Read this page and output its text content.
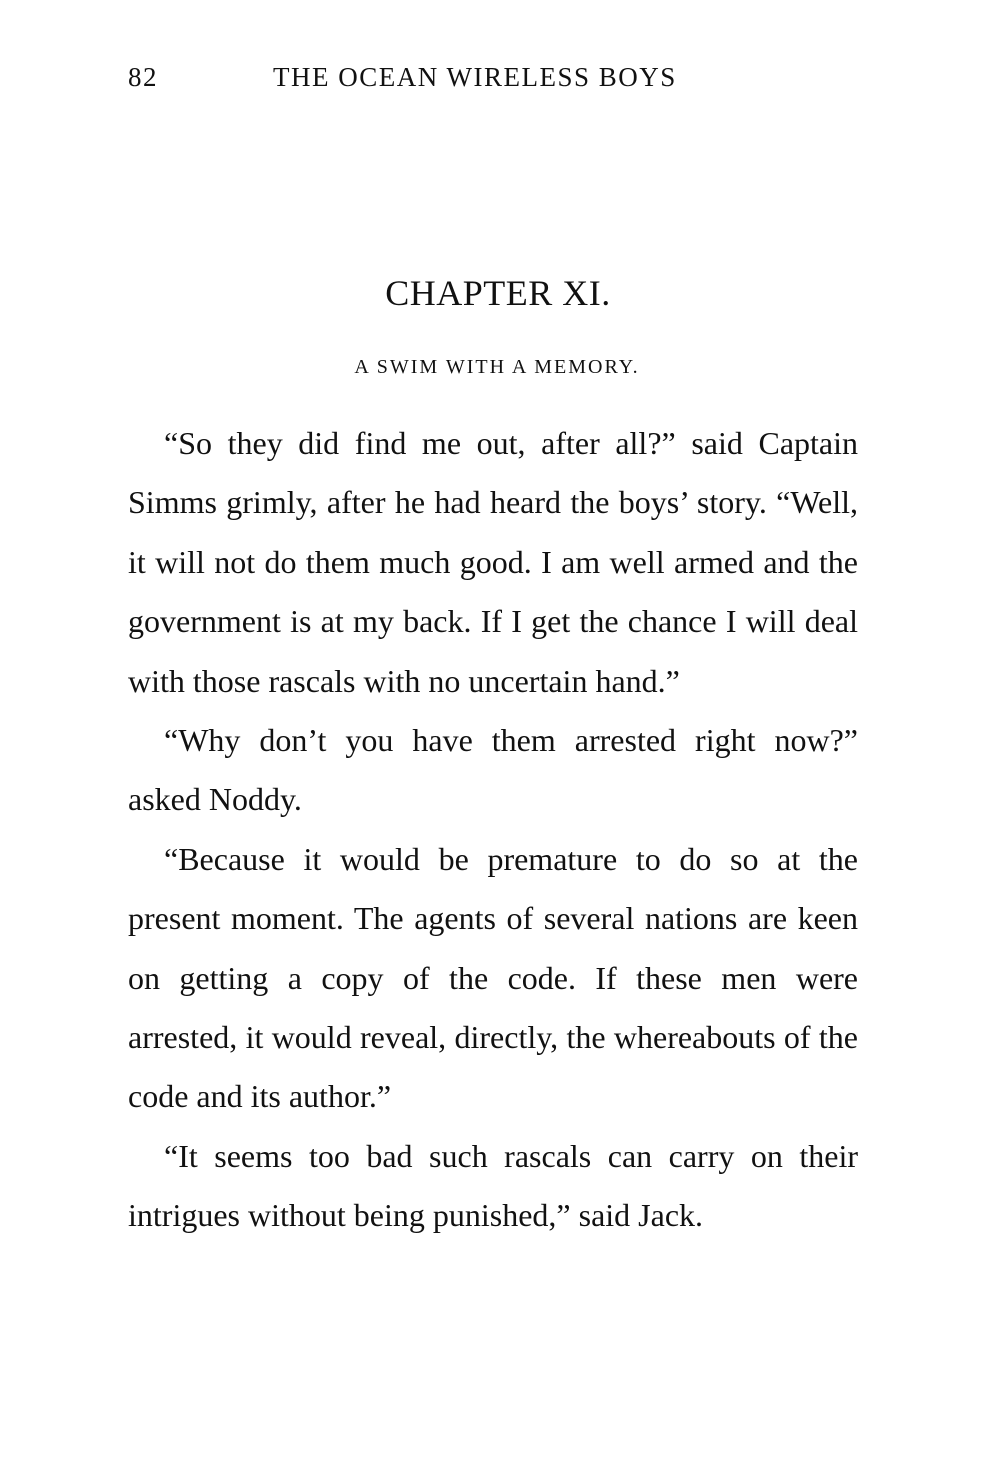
82	THE OCEAN WIRELESS BOYS
CHAPTER XI.
A SWIM WITH A MEMORY.

“So they did find me out, after all?” said Captain Simms grimly, after he had heard the boys’ story. “Well, it will not do them much good. I am well armed and the government is at my back. If I get the chance I will deal with those rascals with no uncertain hand.”

“Why don’t you have them arrested right now?” asked Noddy.

“Because it would be premature to do so at the present moment. The agents of several nations are keen on getting a copy of the code. If these men were arrested, it would reveal, directly, the whereabouts of the code and its author.”

“It seems too bad such rascals can carry on their intrigues without being punished,” said Jack.
